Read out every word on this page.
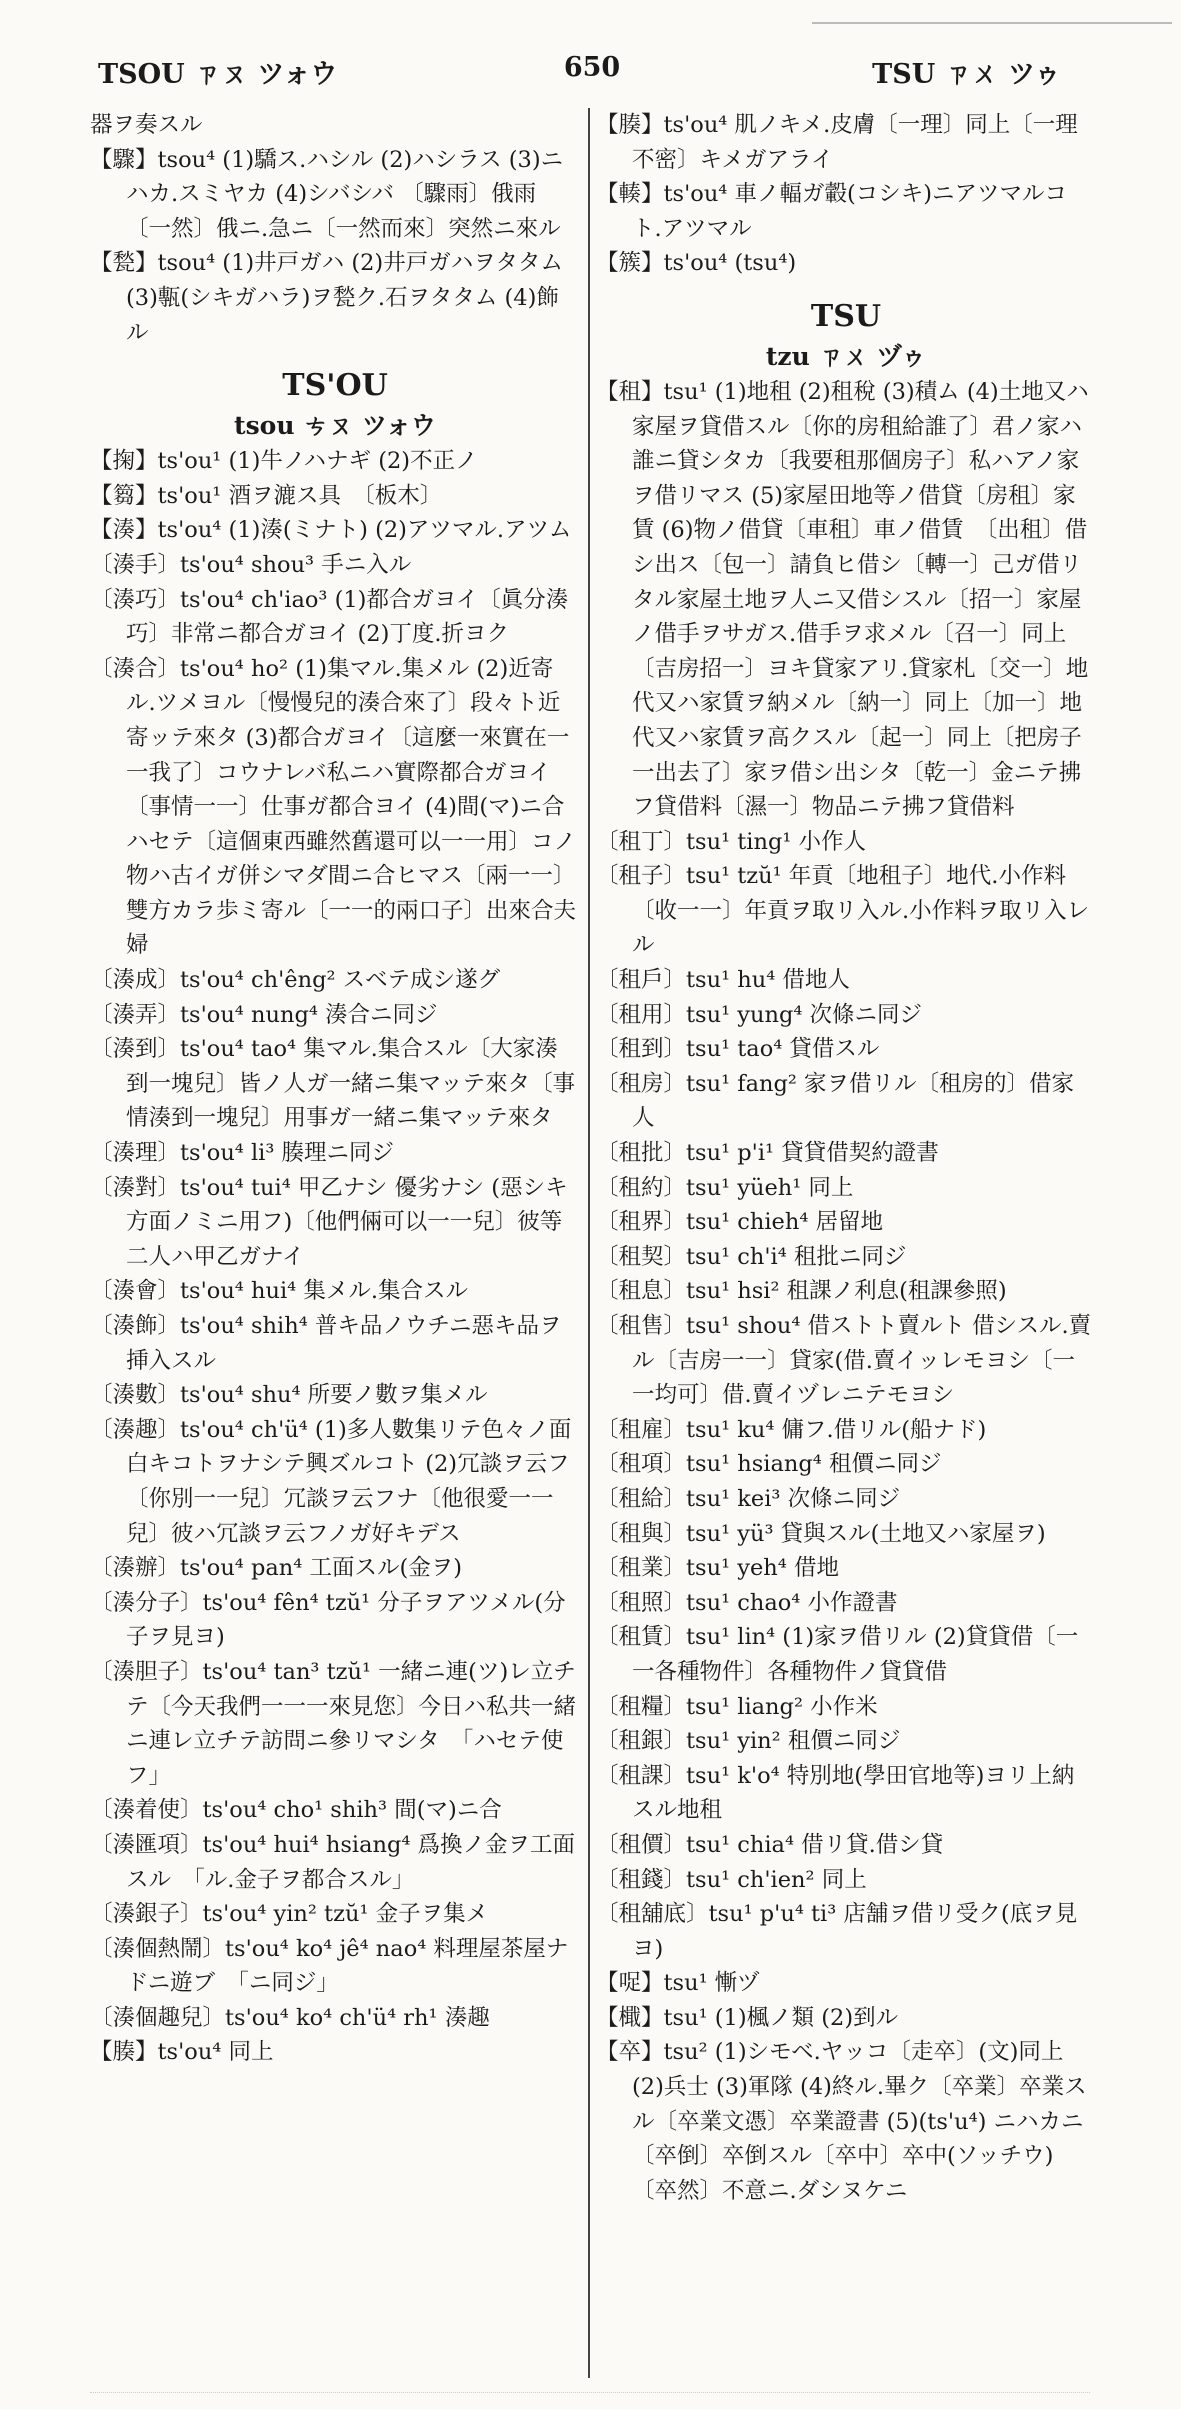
TSOU ㄗㄡ ツォウ	650	TSU ㄗㄨ ツゥ
器ヲ奏スル
【驟】tsou⁴ (1)驕ス.ハシル (2)ハシラス (3)ニハカ.スミヤカ (4)シバシバ 〔驟雨〕俄雨〔一然〕俄ニ.急ニ〔一然而來〕突然ニ來ル
【甃】tsou⁴ (1)井戸ガハ (2)井戸ガハヲタタム (3)甎(シキガハラ)ヲ甃ク.石ヲタタム (4)飾ル
TS'OU
tsou ㄘㄡ ツォウ
【掬】ts'ou¹ (1)牛ノハナギ (2)不正ノ
【篘】ts'ou¹ 酒ヲ漉ス具　〔板木〕
【湊】ts'ou⁴ (1)湊(ミナト) (2)アツマル.アツム
〔湊手〕ts'ou⁴ shou³ 手ニ入ル
〔湊巧〕ts'ou⁴ ch'iao³ (1)都合ガヨイ〔眞分湊巧〕非常ニ都合ガヨイ (2)丁度.折ヨク
〔湊合〕ts'ou⁴ ho² (1)集マル.集メル (2)近寄ル.ツメヨル〔慢慢兒的湊合來了〕段々ト近寄ッテ來タ (3)都合ガヨイ〔這麼一來實在一一我了〕コウナレバ私ニハ實際都合ガヨイ〔事情一一〕仕事ガ都合ヨイ (4)間(マ)ニ合ハセテ〔這個東西雖然舊還可以一一用〕コノ物ハ古イガ併シマダ間ニ合ヒマス〔兩一一〕雙方カラ歩ミ寄ル〔一一的兩口子〕出來合夫婦
〔湊成〕ts'ou⁴ ch'êng² スベテ成シ遂グ
〔湊弄〕ts'ou⁴ nung⁴ 湊合ニ同ジ
〔湊到〕ts'ou⁴ tao⁴ 集マル.集合スル〔大家湊到一塊兒〕皆ノ人ガ一緒ニ集マッテ來タ〔事情湊到一塊兒〕用事ガ一緒ニ集マッテ來タ
〔湊理〕ts'ou⁴ li³ 腠理ニ同ジ
〔湊對〕ts'ou⁴ tui⁴ 甲乙ナシ 優劣ナシ (惡シキ方面ノミニ用フ)〔他們倆可以一一兒〕彼等二人ハ甲乙ガナイ
〔湊會〕ts'ou⁴ hui⁴ 集メル.集合スル
〔湊飾〕ts'ou⁴ shih⁴ 普キ品ノウチニ惡キ品ヲ挿入スル
〔湊數〕ts'ou⁴ shu⁴ 所要ノ數ヲ集メル
〔湊趣〕ts'ou⁴ ch'ü⁴ (1)多人數集リテ色々ノ面白キコトヲナシテ興ズルコト (2)冗談ヲ云フ〔你別一一兒〕冗談ヲ云フナ〔他很愛一一兒〕彼ハ冗談ヲ云フノガ好キデス
〔湊辦〕ts'ou⁴ pan⁴ 工面スル(金ヲ)
〔湊分子〕ts'ou⁴ fên⁴ tzŭ¹ 分子ヲアツメル(分子ヲ見ヨ)
〔湊胆子〕ts'ou⁴ tan³ tzŭ¹ 一緒ニ連(ツ)レ立チテ〔今天我們一一一來見您〕今日ハ私共一緒ニ連レ立チテ訪問ニ參リマシタ　「ハセテ使フ」
〔湊着使〕ts'ou⁴ cho¹ shih³ 間(マ)ニ合
〔湊匯項〕ts'ou⁴ hui⁴ hsiang⁴ 爲換ノ金ヲ工面スル　「ル.金子ヲ都合スル」
〔湊銀子〕ts'ou⁴ yin² tzŭ¹ 金子ヲ集メ
〔湊個熱鬧〕ts'ou⁴ ko⁴ jê⁴ nao⁴ 料理屋茶屋ナドニ遊ブ　「ニ同ジ」
〔湊個趣兒〕ts'ou⁴ ko⁴ ch'ü⁴ rh¹ 湊趣
【腠】ts'ou⁴ 同上
【腠】ts'ou⁴ 肌ノキメ.皮膚〔一理〕同上〔一理不密〕キメガアライ
【輳】ts'ou⁴ 車ノ輻ガ轂(コシキ)ニアツマルコト.アツマル
【簇】ts'ou⁴ (tsu⁴)
TSU
tzu ㄗㄨ ヅゥ
【租】tsu¹ (1)地租 (2)租稅 (3)積ム (4)土地又ハ家屋ヲ貸借スル〔你的房租給誰了〕君ノ家ハ誰ニ貸シタカ〔我要租那個房子〕私ハアノ家ヲ借リマス (5)家屋田地等ノ借貸〔房租〕家賃 (6)物ノ借貸〔車租〕車ノ借賃　〔出租〕借シ出ス〔包一〕請負ヒ借シ〔轉一〕己ガ借リタル家屋土地ヲ人ニ又借シスル〔招一〕家屋ノ借手ヲサガス.借手ヲ求メル〔召一〕同上〔吉房招一〕ヨキ貸家アリ.貸家札〔交一〕地代又ハ家賃ヲ納メル〔納一〕同上〔加一〕地代又ハ家賃ヲ高クスル〔起一〕同上〔把房子一出去了〕家ヲ借シ出シタ〔乾一〕金ニテ拂フ貸借料〔濕一〕物品ニテ拂フ貸借料
〔租丁〕tsu¹ ting¹ 小作人
〔租子〕tsu¹ tzŭ¹ 年貢〔地租子〕地代.小作料〔收一一〕年貢ヲ取リ入ル.小作料ヲ取リ入レル
〔租戶〕tsu¹ hu⁴ 借地人
〔租用〕tsu¹ yung⁴ 次條ニ同ジ
〔租到〕tsu¹ tao⁴ 貸借スル
〔租房〕tsu¹ fang² 家ヲ借リル〔租房的〕借家人
〔租批〕tsu¹ p'i¹ 貸貸借契約證書
〔租約〕tsu¹ yüeh¹ 同上
〔租界〕tsu¹ chieh⁴ 居留地
〔租契〕tsu¹ ch'i⁴ 租批ニ同ジ
〔租息〕tsu¹ hsi² 租課ノ利息(租課參照)
〔租售〕tsu¹ shou⁴ 借ストト賣ルト 借シスル.賣ル〔吉房一一〕貸家(借.賣イッレモヨシ〔一一均可〕借.賣イヅレニテモヨシ
〔租雇〕tsu¹ ku⁴ 傭フ.借リル(船ナド)
〔租項〕tsu¹ hsiang⁴ 租價ニ同ジ
〔租給〕tsu¹ kei³ 次條ニ同ジ
〔租與〕tsu¹ yü³ 貸與スル(土地又ハ家屋ヲ)
〔租業〕tsu¹ yeh⁴ 借地
〔租照〕tsu¹ chao⁴ 小作證書
〔租賃〕tsu¹ lin⁴ (1)家ヲ借リル (2)貸貸借〔一一各種物件〕各種物件ノ貸貸借
〔租糧〕tsu¹ liang² 小作米
〔租銀〕tsu¹ yin² 租價ニ同ジ
〔租課〕tsu¹ k'o⁴ 特別地(學田官地等)ヨリ上納スル地租
〔租價〕tsu¹ chia⁴ 借リ貸.借シ貸
〔租錢〕tsu¹ ch'ien² 同上
〔租舖底〕tsu¹ p'u⁴ ti³ 店舗ヲ借リ受ク(底ヲ見ヨ)
【哫】tsu¹ 慚ヅ
【檝】tsu¹ (1)楓ノ類 (2)到ル
【卒】tsu² (1)シモベ.ヤッコ〔走卒〕(文)同上 (2)兵士 (3)軍隊 (4)終ル.畢ク〔卒業〕卒業スル〔卒業文憑〕卒業證書 (5)(ts'u⁴) ニハカニ〔卒倒〕卒倒スル〔卒中〕卒中(ソッチウ)〔卒然〕不意ニ.ダシヌケニ
